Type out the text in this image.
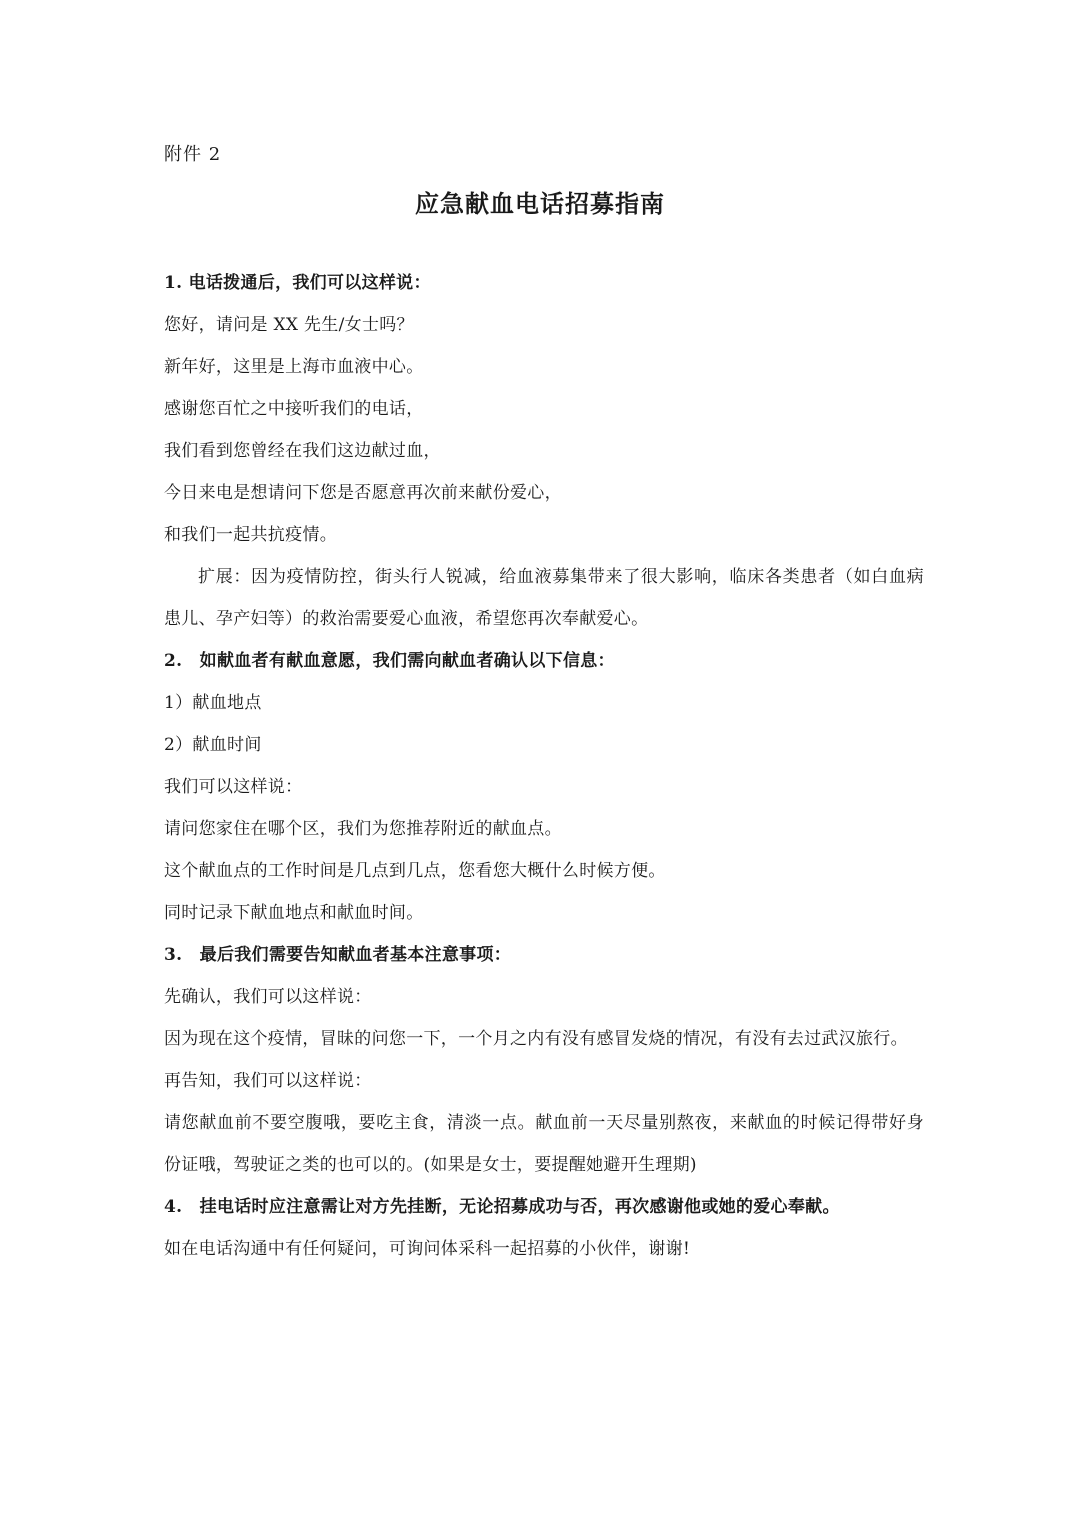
附件 2
应急献血电话招募指南
1. 电话拨通后，我们可以这样说：
您好，请问是 XX 先生/女士吗？
新年好，这里是上海市血液中心。
感谢您百忙之中接听我们的电话，
我们看到您曾经在我们这边献过血，
今日来电是想请问下您是否愿意再次前来献份爱心，
和我们一起共抗疫情。
扩展：因为疫情防控，街头行人锐减，给血液募集带来了很大影响，临床各类患者（如白血病患儿、孕产妇等）的救治需要爱心血液，希望您再次奉献爱心。
2.　如献血者有献血意愿，我们需向献血者确认以下信息：
1）献血地点
2）献血时间
我们可以这样说：
请问您家住在哪个区，我们为您推荐附近的献血点。
这个献血点的工作时间是几点到几点，您看您大概什么时候方便。
同时记录下献血地点和献血时间。
3.　最后我们需要告知献血者基本注意事项：
先确认，我们可以这样说：
因为现在这个疫情，冒昧的问您一下，一个月之内有没有感冒发烧的情况，有没有去过武汉旅行。
再告知，我们可以这样说：
请您献血前不要空腹哦，要吃主食，清淡一点。献血前一天尽量别熬夜，来献血的时候记得带好身份证哦，驾驶证之类的也可以的。(如果是女士，要提醒她避开生理期)
4.　挂电话时应注意需让对方先挂断，无论招募成功与否，再次感谢他或她的爱心奉献。
如在电话沟通中有任何疑问，可询问体采科一起招募的小伙伴，谢谢!
